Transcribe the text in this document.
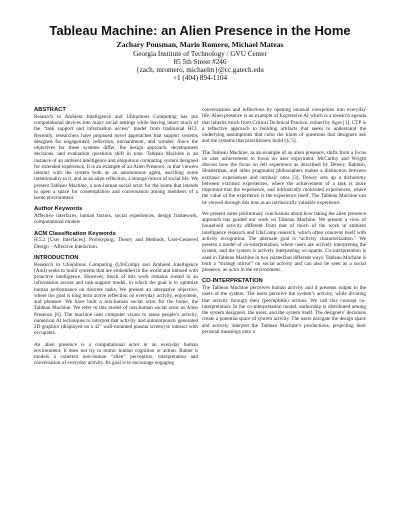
Tableau Machine: an Alien Presence in the Home
Zachary Pousman, Mario Romero, Michael Mateas
Georgia Institute of Technology / GVU Center
85 5th Street #246
{zach, mromero, michaelm}@cc.gatech.edu
+1 (404) 894-1104
ABSTRACT
Research in Ambient Intelligence and Ubiquitous Computing has put computational devices into many social settings while leaving intact much of the “task support and information access” model from traditional HCI. Recently, researchers have proposed novel approaches that support systems designed for engagement, reflection, enchantment, and wonder. Since the objectives for these systems differ, the design approach, development decisions, and evaluation questions shift in tone. Tableau Machine is an instance of an ambient intelligence and ubiquitous computing system designed for extended experience. It is an example of an Alien Presence, in that viewers interact with the system both as an autonomous agent, ascribing some intentionality to it, and as an alien reflection, a strange mirror of social life. We present Tableau Machine, a non-human social actor for the home that intends to open a space for contemplation and conversation among members of a home environment.
Author Keywords
Affective interfaces, human factors, social experiences, design framework, computational models
ACM Classification Keywords
H.5.2 [User Interfaces]: Prototyping; Theory and Methods, User-Centered Design – Affective Interaction.
INTRODUCTION
Research in Ubiquitous Computing (UbiComp) and Ambient Intelligence (AmI) seeks to build systems that are embedded in the world and imbued with proactive intelligence. However, much of this work remains rooted in an information access and task-support model, in which the goal is to optimize human performance on discrete tasks. We present an alternative objective, where the goal is long term active reflection on everyday activity, enjoyment, and pleasure. We have built a non-human social actor for the home, the Tableau Machine. We refer to this model of non-human social actor as Alien Presence [6]. The machine uses computer vision to sense people’s activity, numerical AI techniques to interpret that activity, and autonomously generated 2D graphics (displayed on a 42” wall-mounted plasma screen) to interact with occupants.
An alien presence is a computational actor in an everyday human environment. It does not try to mimic human cognition or action. Rather it models a coherent non-human “alien” perception, interpretation and conversation of everyday activity. Its goal is to encourage engaging
conversations and reflections by opening unusual viewpoints into everyday life. Alien presence is an example of Expressive AI which is a research agenda that inherits much from Critical Technical Practice, coined by Agre [1]. CTP is a reflective approach to building artifacts that seeks to understand the underlying assumptions that color the kinds of questions that designers ask and the systems that practitioners build [4, 5].
The Tableau Machine, as an example of an alien presence, shifts from a focus on user achievement to focus on user enjoyment. McCarthy and Wright discuss how the focus on felt experience as described by Dewey, Bakhtin, Shusterman, and other pragmatist philosophers makes a distinction between extrinsic experiences and intrinsic ones [3]. Dewey sets up a dichotomy between extrinsic experiences, where the achievement of a task is more important that the experience, and intrinsically motivated experiences, where the value of the experience is the experience itself. The Tableau Machine can be viewed through this lens as an intrinsically valuable experience.
We present some preliminary conclusions about how taking the alien presence approach has guided our work on Tableau Machine. We present a view of household activity different from that of much of the work in ambient intelligence research and UbiComp research, which often concerns itself with activity recognition. The alternate goal is “activity characterization.” We present a model of co-interpretation, where users are actively interpreting the system, and the system is actively interpreting occupants. Co-interpretation is used in Tableau Machine in two related but different ways. Tableau Machine is both a “strange mirror” on social activity and can also be seen as a social presence, an actor in the environment.
CO-INTERPRETATION
The Tableau Machine perceives human activity and it presents output to the users of the system. The users perceive the system’s activity, while divining that activity through their (perceptible) actions. We call this concept co-interpretation. In the co-interpretation model, authorship is distributed among the system designers, the users, and the system itself. The designers’ decisions create a potential space of system activity. The users navigate the design space and actively interpret the Tableau Machine’s productions, projecting their personal meanings onto a
